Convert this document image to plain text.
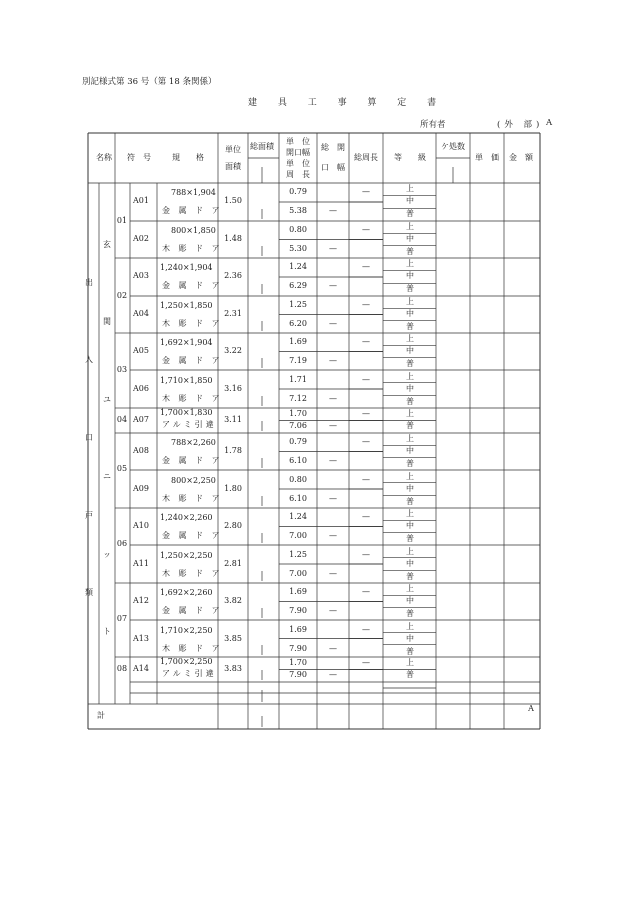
別記様式第 36 号（第 18 条関係）
建 具 工 事 算 定 書
所有者	(外 部) A
名称 符　号	規　　格
単位
面積
総面積
単　位
開口幅
単　位
周　長
総　開
口　幅
総周長 等　　級
ケ処数
単　価 金　額
出
入
口
戸
類
玄
関
ユ
ニ
ッ
ト
01
02
03
04
05
06
07
08
A01
788×1,904
金 属 ド ア
1.50
0.79
5.38
—
—
上
中
普
A02
800×1,850
木 彫 ド ア
1.48
0.80
5.30
—
—
上
中
普
A03
1,240×1,904
金 属 ド ア
2.36
1.24
6.29
—
—
上
中
普
A04
1,250×1,850
木 彫 ド ア
2.31
1.25
6.20
—
—
上
中
普
A05
1,692×1,904
金 属 ド ア
3.22
1.69
7.19
—
—
上
中
普
A06
1,710×1,850
木 彫 ド ア
3.16
1.71
7.12
—
—
上
中
普
A07
1,700×1,830
アルミ引違
3.11
1.70
7.06
—
—
上
普
A08
788×2,260
金 属 ド ア
1.78
0.79
6.10
—
—
上
中
普
A09
800×2,250
木 彫 ド ア
1.80
0.80
6.10
—
—
上
中
普
A10
1,240×2,260
金 属 ド ア
2.80
1.24
7.00
—
—
上
中
普
A11
1,250×2,250
木 彫 ド ア
2.81
1.25
7.00
—
—
上
中
普
A12
1,692×2,260
金 属 ド ア
3.82
1.69
7.90
—
—
上
中
普
A13
1,710×2,250
木 彫 ド ア
3.85
1.69
7.90
—
—
上
中
普
A14
1,700×2,250
アルミ引違
3.83
1.70
7.90
—
—
上
普
計
A
